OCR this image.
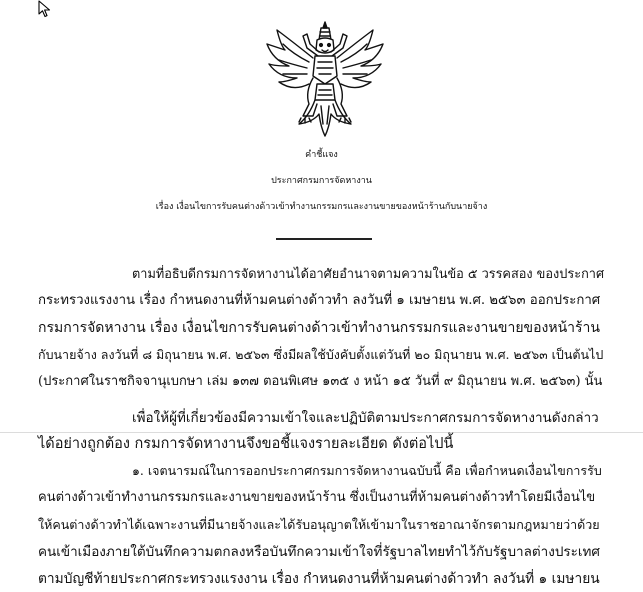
คำชี้แจง
ประกาศกรมการจัดหางาน
เรื่อง เงื่อนไขการรับคนต่างด้าวเข้าทำงานกรรมกรและงานขายของหน้าร้านกับนายจ้าง
ตามที่อธิบดีกรมการจัดหางานได้อาศัยอำนาจตามความในข้อ ๕ วรรคสอง ของประกาศ
กระทรวงแรงงาน เรื่อง กำหนดงานที่ห้ามคนต่างด้าวทำ ลงวันที่ ๑ เมษายน พ.ศ. ๒๕๖๓ ออกประกาศ
กรมการจัดหางาน เรื่อง เงื่อนไขการรับคนต่างด้าวเข้าทำงานกรรมกรและงานขายของหน้าร้าน
กับนายจ้าง ลงวันที่ ๘ มิถุนายน พ.ศ. ๒๕๖๓ ซึ่งมีผลใช้บังคับตั้งแต่วันที่ ๒๐ มิถุนายน พ.ศ. ๒๕๖๓ เป็นต้นไป
(ประกาศในราชกิจจานุเบกษา เล่ม ๑๓๗ ตอนพิเศษ ๑๓๕ ง หน้า ๑๕ วันที่ ๙ มิถุนายน พ.ศ. ๒๕๖๓) นั้น
เพื่อให้ผู้ที่เกี่ยวข้องมีความเข้าใจและปฏิบัติตามประกาศกรมการจัดหางานดังกล่าว
ได้อย่างถูกต้อง กรมการจัดหางานจึงขอชี้แจงรายละเอียด ดังต่อไปนี้
๑. เจตนารมณ์ในการออกประกาศกรมการจัดหางานฉบับนี้ คือ เพื่อกำหนดเงื่อนไขการรับ
คนต่างด้าวเข้าทำงานกรรมกรและงานขายของหน้าร้าน ซึ่งเป็นงานที่ห้ามคนต่างด้าวทำโดยมีเงื่อนไข
ให้คนต่างด้าวทำได้เฉพาะงานที่มีนายจ้างและได้รับอนุญาตให้เข้ามาในราชอาณาจักรตามกฎหมายว่าด้วย
คนเข้าเมืองภายใต้บันทึกความตกลงหรือบันทึกความเข้าใจที่รัฐบาลไทยทำไว้กับรัฐบาลต่างประเทศ
ตามบัญชีท้ายประกาศกระทรวงแรงงาน เรื่อง กำหนดงานที่ห้ามคนต่างด้าวทำ ลงวันที่ ๑ เมษายน
